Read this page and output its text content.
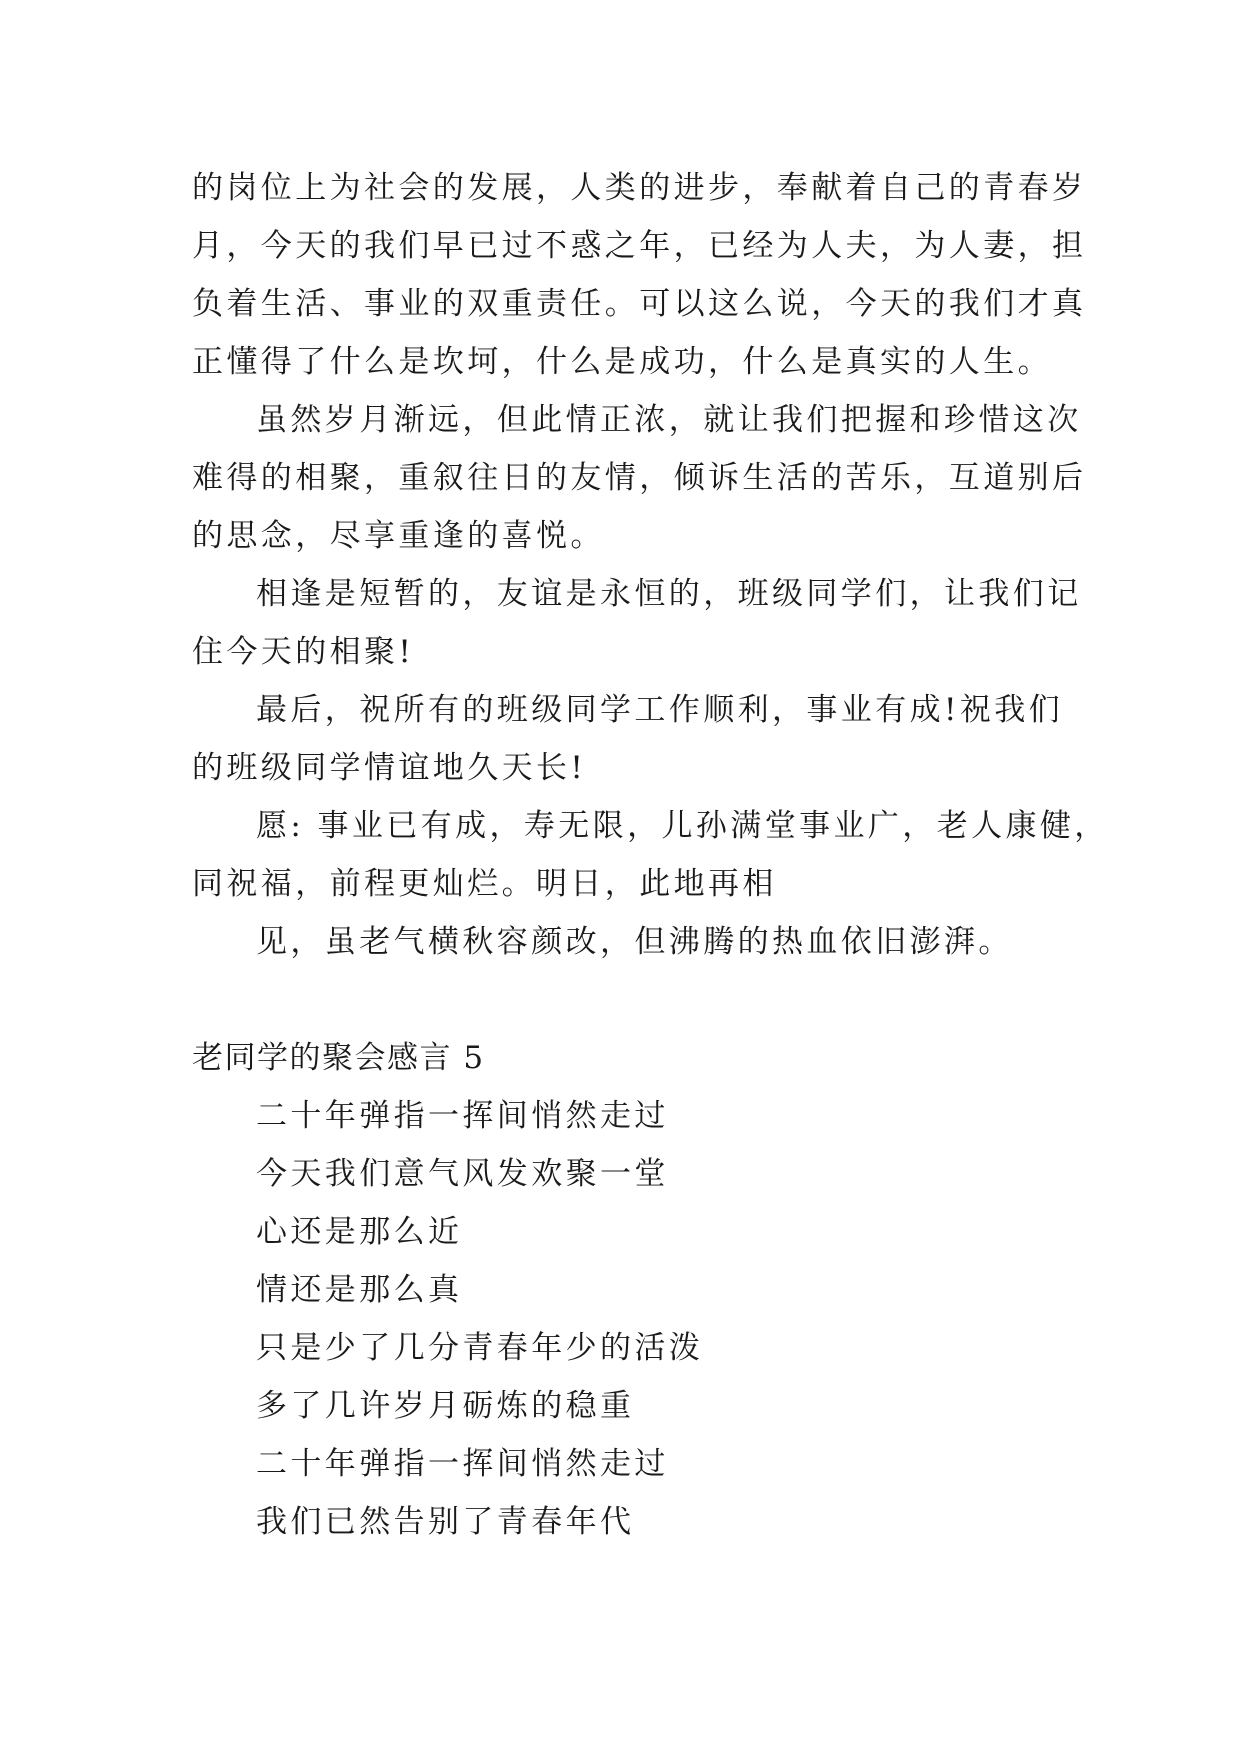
的岗位上为社会的发展，人类的进步，奉献着自己的青春岁
月，今天的我们早已过不惑之年，已经为人夫，为人妻，担
负着生活、事业的双重责任。可以这么说，今天的我们才真
正懂得了什么是坎坷，什么是成功，什么是真实的人生。
虽然岁月渐远，但此情正浓，就让我们把握和珍惜这次
难得的相聚，重叙往日的友情，倾诉生活的苦乐，互道别后
的思念，尽享重逢的喜悦。
相逢是短暂的，友谊是永恒的，班级同学们，让我们记
住今天的相聚!
最后，祝所有的班级同学工作顺利，事业有成!祝我们
的班级同学情谊地久天长!
愿: 事业已有成，寿无限，儿孙满堂事业广，老人康健，
同祝福，前程更灿烂。明日，此地再相
见，虽老气横秋容颜改，但沸腾的热血依旧澎湃。
老同学的聚会感言 5
二十年弹指一挥间悄然走过
今天我们意气风发欢聚一堂
心还是那么近
情还是那么真
只是少了几分青春年少的活泼
多了几许岁月砺炼的稳重
二十年弹指一挥间悄然走过
我们已然告别了青春年代
